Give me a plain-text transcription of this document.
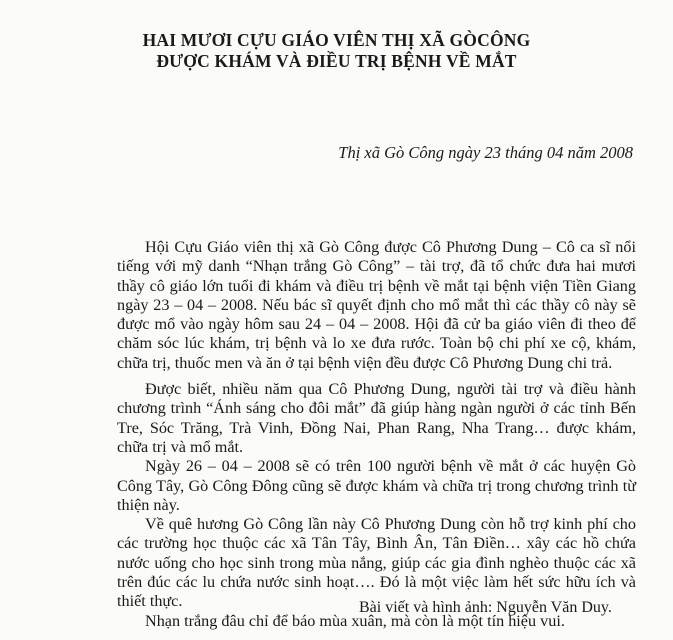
HAI MƯƠI CỰU GIÁO VIÊN THỊ XÃ GÒCÔNG
ĐƯỢC KHÁM VÀ ĐIỀU TRỊ BỆNH VỀ MẮT
Thị xã Gò Công ngày 23 tháng 04 năm 2008

Hội Cựu Giáo viên thị xã Gò Công được Cô Phương Dung – Cô ca sĩ nổi tiếng với mỹ danh “Nhạn trắng Gò Công” – tài trợ, đã tổ chức đưa hai mươi thầy cô giáo lớn tuổi đi khám và điều trị bệnh về mắt tại bệnh viện Tiền Giang ngày 23 – 04 – 2008. Nếu bác sĩ quyết định cho mổ mắt thì các thầy cô này sẽ được mổ vào ngày hôm sau 24 – 04 – 2008. Hội đã cử ba giáo viên đi theo để chăm sóc lúc khám, trị bệnh và lo xe đưa rước. Toàn bộ chi phí xe cộ, khám, chữa trị, thuốc men và ăn ở tại bệnh viện đều được Cô Phương Dung chi trả.

Được biết, nhiều năm qua Cô Phương Dung, người tài trợ và điều hành chương trình “Ánh sáng cho đôi mắt” đã giúp hàng ngàn người ở các tỉnh Bến Tre, Sóc Trăng, Trà Vinh, Đồng Nai, Phan Rang, Nha Trang… được khám, chữa trị và mổ mắt.

Ngày 26 – 04 – 2008 sẽ có trên 100 người bệnh về mắt ở các huyện Gò Công Tây, Gò Công Đông cũng sẽ được khám và chữa trị trong chương trình từ thiện này.

Về quê hương Gò Công lần này Cô Phương Dung còn hỗ trợ kinh phí cho các trường học thuộc các xã Tân Tây, Bình Ân, Tân Điền… xây các hồ chứa nước uống cho học sinh trong mùa nắng, giúp các gia đình nghèo thuộc các xã trên đúc các lu chứa nước sinh hoạt…. Đó là một việc làm hết sức hữu ích và thiết thực.

Nhạn trắng đâu chỉ để báo mùa xuân, mà còn là một tín hiệu vui.

Bài viết và hình ảnh: Nguyễn Văn Duy.
